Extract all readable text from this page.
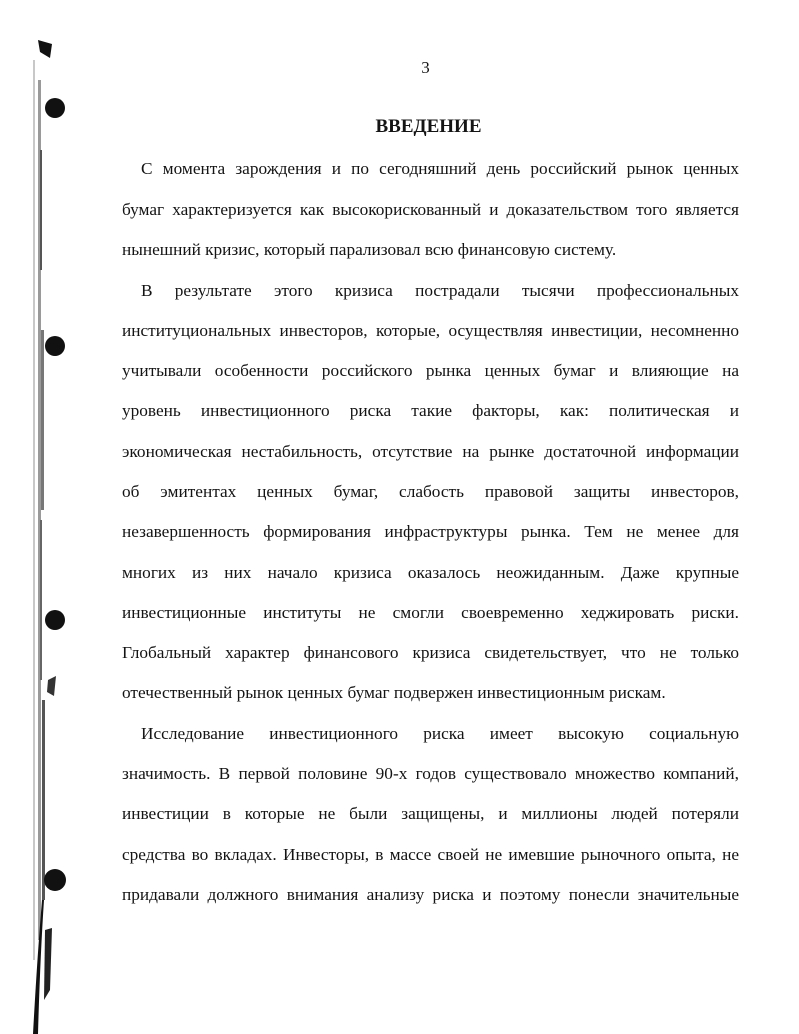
3
ВВЕДЕНИЕ
С момента зарождения и по сегодняшний день российский рынок ценных
бумаг характеризуется как высокорискованный и доказательством того является
нынешний кризис, который парализовал всю финансовую систему.
В результате этого кризиса пострадали тысячи профессиональных
институциональных инвесторов, которые, осуществляя инвестиции, несомненно
учитывали особенности российского рынка ценных бумаг и влияющие на
уровень инвестиционного риска такие факторы, как: политическая и
экономическая нестабильность, отсутствие на рынке достаточной информации
об эмитентах ценных бумаг, слабость правовой защиты инвесторов,
незавершенность формирования инфраструктуры рынка. Тем не менее для
многих из них начало кризиса оказалось неожиданным. Даже крупные
инвестиционные институты не смогли своевременно хеджировать риски.
Глобальный характер финансового кризиса свидетельствует, что не только
отечественный рынок ценных бумаг подвержен инвестиционным рискам.
Исследование инвестиционного риска имеет высокую социальную
значимость. В первой половине 90-х годов существовало множество компаний,
инвестиции в которые не были защищены, и миллионы людей потеряли
средства во вкладах. Инвесторы, в массе своей не имевшие рыночного опыта, не
придавали должного внимания анализу риска и поэтому понесли значительные
